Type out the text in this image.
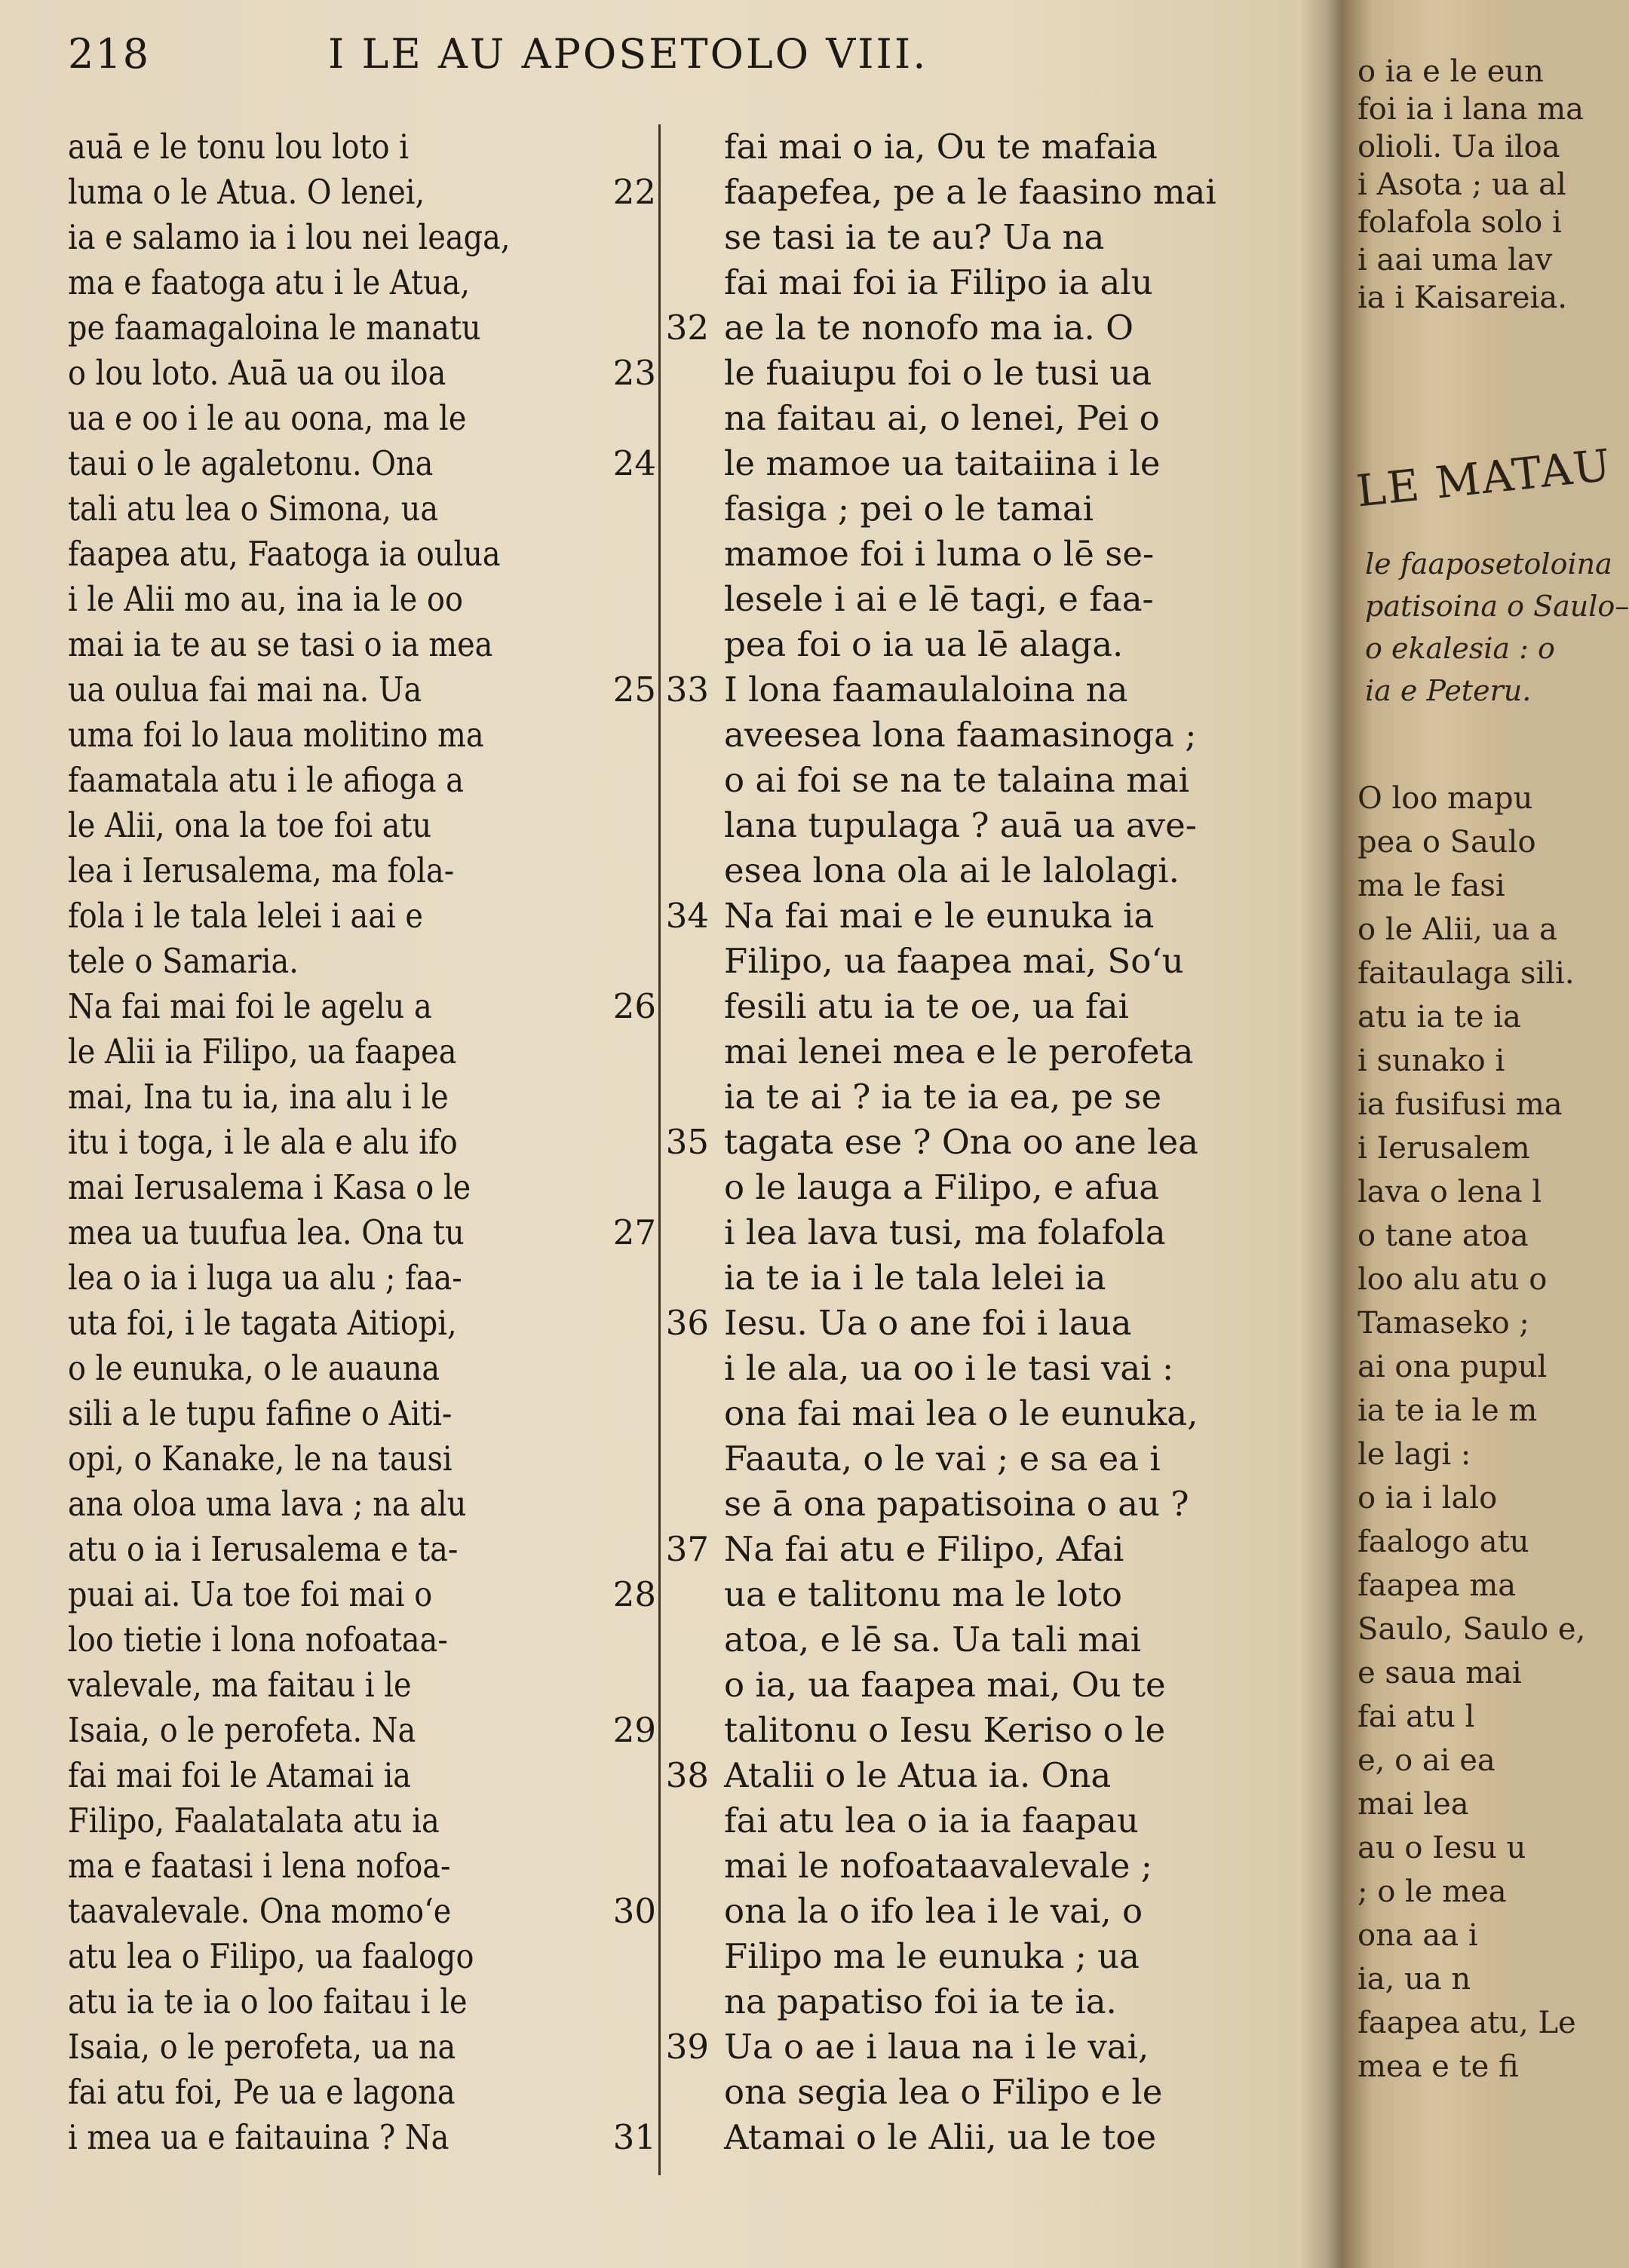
218	I LE AU APOSETOLO VIII.
auā e le tonu lou loto i
luma o le Atua. O lenei,	22
ia e salamo ia i lou nei leaga,
ma e faatoga atu i le Atua,
pe faamagaloina le manatu
o lou loto. Auā ua ou iloa	23
ua e oo i le au oona, ma le
taui o le agaletonu. Ona	24
tali atu lea o Simona, ua
faapea atu, Faatoga ia oulua
i le Alii mo au, ina ia le oo
mai ia te au se tasi o ia mea
ua oulua fai mai na. Ua	25
uma foi lo laua molitino ma
faamatala atu i le afioga a
le Alii, ona la toe foi atu
lea i Ierusalema, ma fola-
fola i le tala lelei i aai e
tele o Samaria.
Na fai mai foi le agelu a	26
le Alii ia Filipo, ua faapea
mai, Ina tu ia, ina alu i le
itu i toga, i le ala e alu ifo
mai Ierusalema i Kasa o le
mea ua tuufua lea. Ona tu	27
lea o ia i luga ua alu ; faa-
uta foi, i le tagata Aitiopi,
o le eunuka, o le auauna
sili a le tupu fafine o Aiti-
opi, o Kanake, le na tausi
ana oloa uma lava ; na alu
atu o ia i Ierusalema e ta-
puai ai. Ua toe foi mai o	28
loo tietie i lona nofoataa-
valevale, ma faitau i le
Isaia, o le perofeta. Na	29
fai mai foi le Atamai ia
Filipo, Faalatalata atu ia
ma e faatasi i lena nofoa-
taavalevale. Ona momo‘e	30
atu lea o Filipo, ua faalogo
atu ia te ia o loo faitau i le
Isaia, o le perofeta, ua na
fai atu foi, Pe ua e lagona
i mea ua e faitauina ? Na	31
fai mai o ia, Ou te mafaia
faapefea, pe a le faasino mai
se tasi ia te au? Ua na
fai mai foi ia Filipo ia alu
ae la te nonofo ma ia. O
32
le fuaiupu foi o le tusi ua
na faitau ai, o lenei, Pei o
le mamoe ua taitaiina i le
fasiga ; pei o le tamai
mamoe foi i luma o lē se-
lesele i ai e lē tagi, e faa-
pea foi o ia ua lē alaga.
I lona faamaulaloina na
33
aveesea lona faamasinoga ;
o ai foi se na te talaina mai
lana tupulaga ? auā ua ave-
esea lona ola ai le lalolagi.
Na fai mai e le eunuka ia
34
Filipo, ua faapea mai, So‘u
fesili atu ia te oe, ua fai
mai lenei mea e le perofeta
ia te ai ? ia te ia ea, pe se
tagata ese ? Ona oo ane lea
35
o le lauga a Filipo, e afua
i lea lava tusi, ma folafola
ia te ia i le tala lelei ia
Iesu. Ua o ane foi i laua
36
i le ala, ua oo i le tasi vai :
ona fai mai lea o le eunuka,
Faauta, o le vai ; e sa ea i
se ā ona papatisoina o au ?
Na fai atu e Filipo, Afai
37
ua e talitonu ma le loto
atoa, e lē sa. Ua tali mai
o ia, ua faapea mai, Ou te
talitonu o Iesu Keriso o le
Atalii o le Atua ia. Ona
38
fai atu lea o ia ia faapau
mai le nofoataavalevale ;
ona la o ifo lea i le vai, o
Filipo ma le eunuka ; ua
na papatiso foi ia te ia.
Ua o ae i laua na i le vai,
39
ona segia lea o Filipo e le
Atamai o le Alii, ua le toe
o ia e le eun
foi ia i lana ma
olioli. Ua iloa
i Asota ; ua al
folafola solo i
i aai uma lav
ia i Kaisareia.
LE MATAU
le faaposetoloina
patisoina o Saulo–
o ekalesia : o
ia e Peteru.
O loo mapu
pea o Saulo
ma le fasi
o le Alii, ua a
faitaulaga sili.
atu ia te ia
i sunako i
ia fusifusi ma
i Ierusalem
lava o lena l
o tane atoa
loo alu atu o
Tamaseko ;
ai ona pupul
ia te ia le m
le lagi :
o ia i lalo
faalogo atu
faapea ma
Saulo, Saulo e,
e saua mai
fai atu l
e, o ai ea
mai lea
au o Iesu u
; o le mea
ona aa i
ia, ua n
faapea atu, Le
mea e te fi
